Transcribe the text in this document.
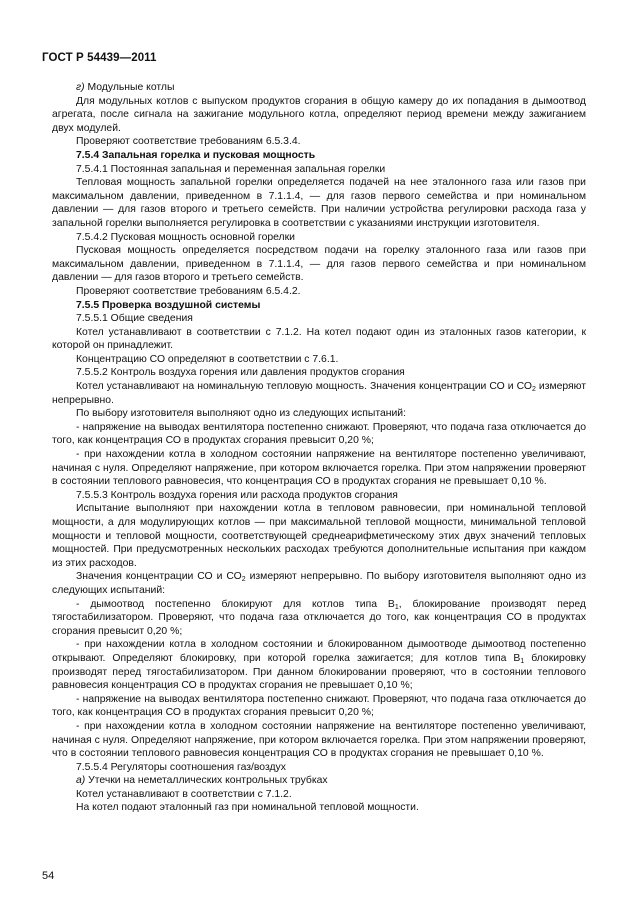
ГОСТ Р 54439—2011

г) Модульные котлы

Для модульных котлов с выпуском продуктов сгорания в общую камеру до их попадания в дымоотвод агрегата, после сигнала на зажигание модульного котла, определяют период времени между зажиганием двух модулей.

Проверяют соответствие требованиям 6.5.3.4.

7.5.4 Запальная горелка и пусковая мощность

7.5.4.1 Постоянная запальная и переменная запальная горелки

Тепловая мощность запальной горелки определяется подачей на нее эталонного газа или газов при максимальном давлении, приведенном в 7.1.1.4, — для газов первого семейства и при номинальном давлении — для газов второго и третьего семейств. При наличии устройства регулировки расхода газа у запальной горелки выполняется регулировка в соответствии с указаниями инструкции изготовителя.

7.5.4.2 Пусковая мощность основной горелки

Пусковая мощность определяется посредством подачи на горелку эталонного газа или газов при максимальном давлении, приведенном в 7.1.1.4, — для газов первого семейства и при номинальном давлении — для газов второго и третьего семейств.

Проверяют соответствие требованиям 6.5.4.2.

7.5.5 Проверка воздушной системы

7.5.5.1 Общие сведения

Котел устанавливают в соответствии с 7.1.2. На котел подают один из эталонных газов категории, к которой он принадлежит.

Концентрацию СО определяют в соответствии с 7.6.1.

7.5.5.2 Контроль воздуха горения или давления продуктов сгорания

Котел устанавливают на номинальную тепловую мощность. Значения концентрации СО и $СО_2$ измеряют непрерывно.

По выбору изготовителя выполняют одно из следующих испытаний:

- напряжение на выводах вентилятора постепенно снижают. Проверяют, что подача газа отключается до того, как концентрация СО в продуктах сгорания превысит 0,20 %;

- при нахождении котла в холодном состоянии напряжение на вентиляторе постепенно увеличивают, начиная с нуля. Определяют напряжение, при котором включается горелка. При этом напряжении проверяют в состоянии теплового равновесия, что концентрация СО в продуктах сгорания не превышает 0,10 %.

7.5.5.3 Контроль воздуха горения или расхода продуктов сгорания

Испытание выполняют при нахождении котла в тепловом равновесии, при номинальной тепловой мощности, а для модулирующих котлов — при максимальной тепловой мощности, минимальной тепловой мощности и тепловой мощности, соответствующей среднеарифметическому этих двух значений тепловых мощностей. При предусмотренных нескольких расходах требуются дополнительные испытания при каждом из этих расходов.

Значения концентрации СО и $СО_2$ измеряют непрерывно. По выбору изготовителя выполняют одно из следующих испытаний:

- дымоотвод постепенно блокируют для котлов типа $В_1$, блокирование производят перед тягостабилизатором. Проверяют, что подача газа отключается до того, как концентрация СО в продуктах сгорания превысит 0,20 %;

- при нахождении котла в холодном состоянии и блокированном дымоотводе дымоотвод постепенно открывают. Определяют блокировку, при которой горелка зажигается; для котлов типа $В_1$ блокировку производят перед тягостабилизатором. При данном блокировании проверяют, что в состоянии теплового равновесия концентрация СО в продуктах сгорания не превышает 0,10 %;

- напряжение на выводах вентилятора постепенно снижают. Проверяют, что подача газа отключается до того, как концентрация СО в продуктах сгорания превысит 0,20 %;

- при нахождении котла в холодном состоянии напряжение на вентиляторе постепенно увеличивают, начиная с нуля. Определяют напряжение, при котором включается горелка. При этом напряжении проверяют, что в состоянии теплового равновесия концентрация СО в продуктах сгорания не превышает 0,10 %.

7.5.5.4 Регуляторы соотношения газ/воздух

а) Утечки на неметаллических контрольных трубках

Котел устанавливают в соответствии с 7.1.2.

На котел подают эталонный газ при номинальной тепловой мощности.

54
